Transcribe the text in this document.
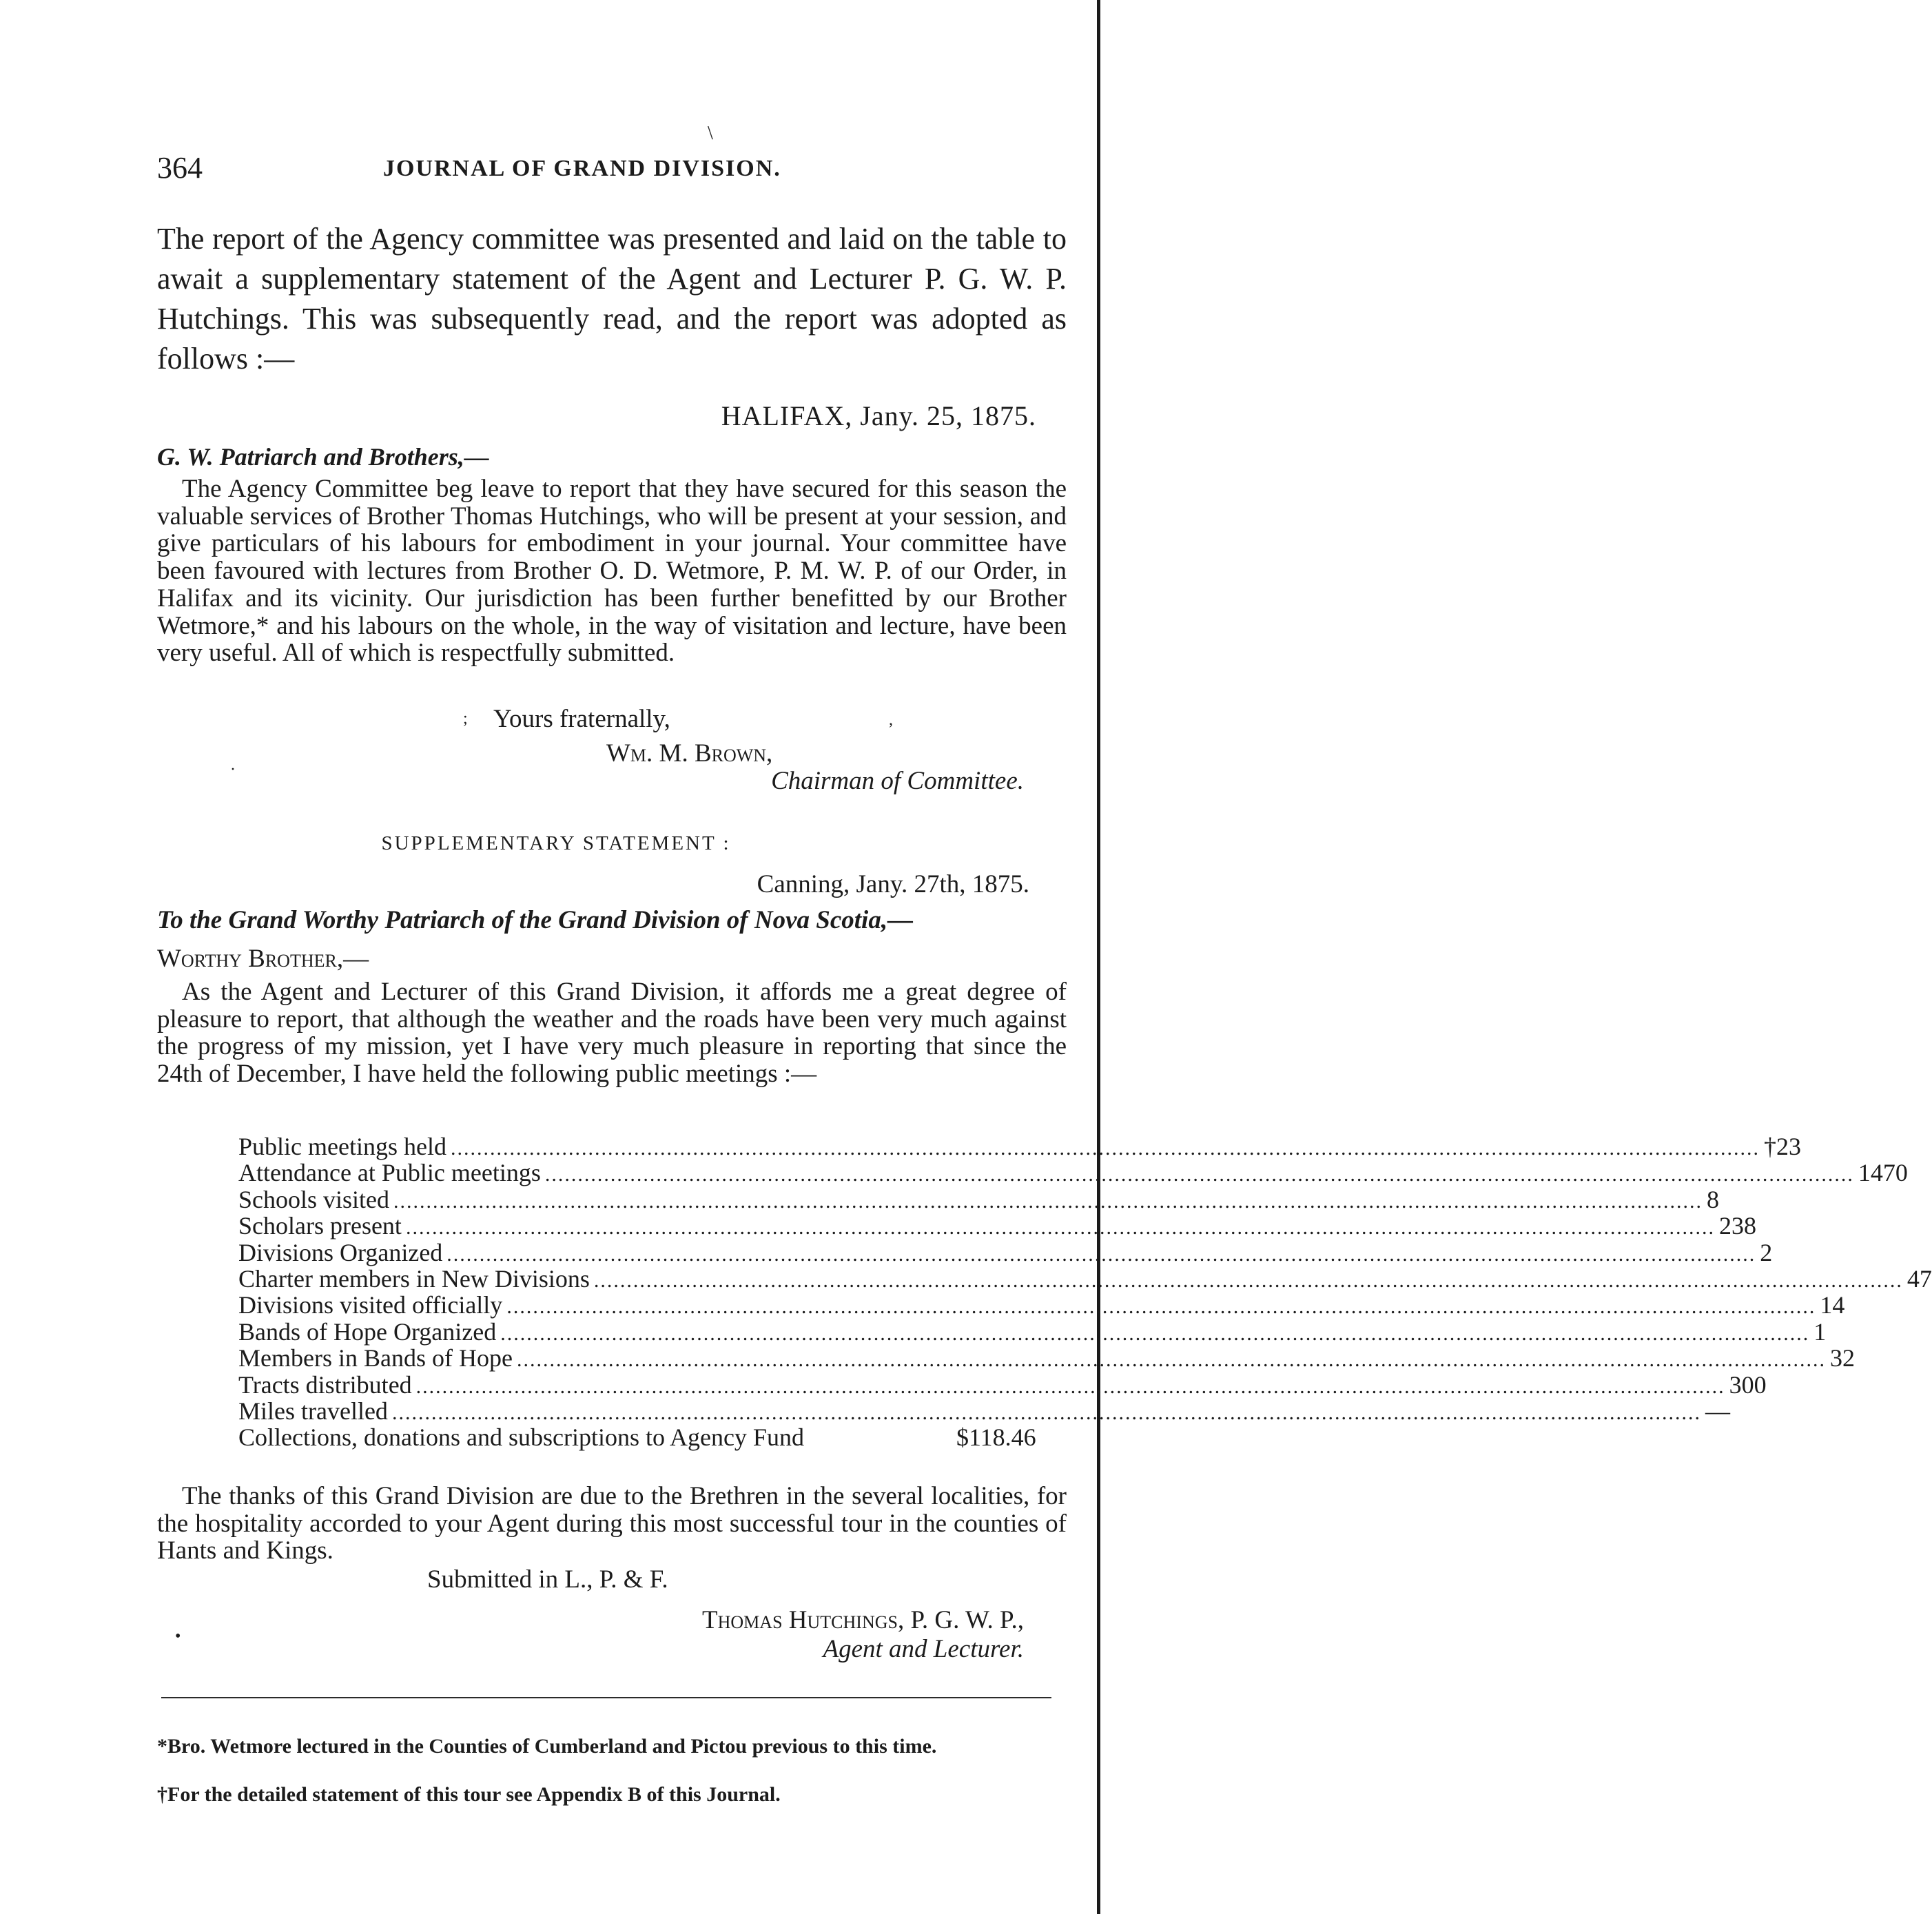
\
364	JOURNAL OF GRAND DIVISION.

The report of the Agency committee was presented and laid on the table to await a supplementary statement of the Agent and Lecturer P. G. W. P. Hutchings. This was subsequently read, and the report was adopted as follows :—

HALIFAX, Jany. 25, 1875.
G. W. Patriarch and Brothers,—

The Agency Committee beg leave to report that they have secured for this season the valuable services of Brother Thomas Hutchings, who will be present at your session, and give particulars of his labours for embodiment in your journal. Your committee have been favoured with lectures from Brother O. D. Wetmore, P. M. W. P. of our Order, in Halifax and its vicinity. Our jurisdiction has been further benefitted by our Brother Wetmore,* and his labours on the whole, in the way of visitation and lecture, have been very useful. All of which is respectfully submitted.

; Yours fraternally,	,
Wm. M. Brown,
Chairman of Committee.
·
SUPPLEMENTARY STATEMENT :
Canning, Jany. 27th, 1875.
To the Grand Worthy Patriarch of the Grand Division of Nova Scotia,—
Worthy Brother,—

As the Agent and Lecturer of this Grand Division, it affords me a great degree of pleasure to report, that although the weather and the roads have been very much against the progress of my mission, yet I have very much pleasure in reporting that since the 24th of December, I have held the following public meetings :—

Public meetings held ........................................................................................................................................................................................................ † 23
Attendance at Public meetings ........................................................................................................................................................................................................ 1470
Schools visited ........................................................................................................................................................................................................ 8
Scholars present ........................................................................................................................................................................................................ 238
Divisions Organized ........................................................................................................................................................................................................ 2
Charter members in New Divisions ........................................................................................................................................................................................................ 47
Divisions visited officially ........................................................................................................................................................................................................ 14
Bands of Hope Organized ........................................................................................................................................................................................................ 1
Members in Bands of Hope ........................................................................................................................................................................................................ 32
Tracts distributed ........................................................................................................................................................................................................ 300
Miles travelled ........................................................................................................................................................................................................ —
Collections, donations and subscriptions to Agency Fund	$118.46

The thanks of this Grand Division are due to the Brethren in the several localities, for the hospitality accorded to your Agent during this most successful tour in the counties of Hants and Kings.

Submitted in L., P. & F.
•
Thomas Hutchings, P. G. W. P.,
Agent and Lecturer.

*Bro. Wetmore lectured in the Counties of Cumberland and Pictou previous to this time.

†For the detailed statement of this tour see Appendix B of this Journal.
